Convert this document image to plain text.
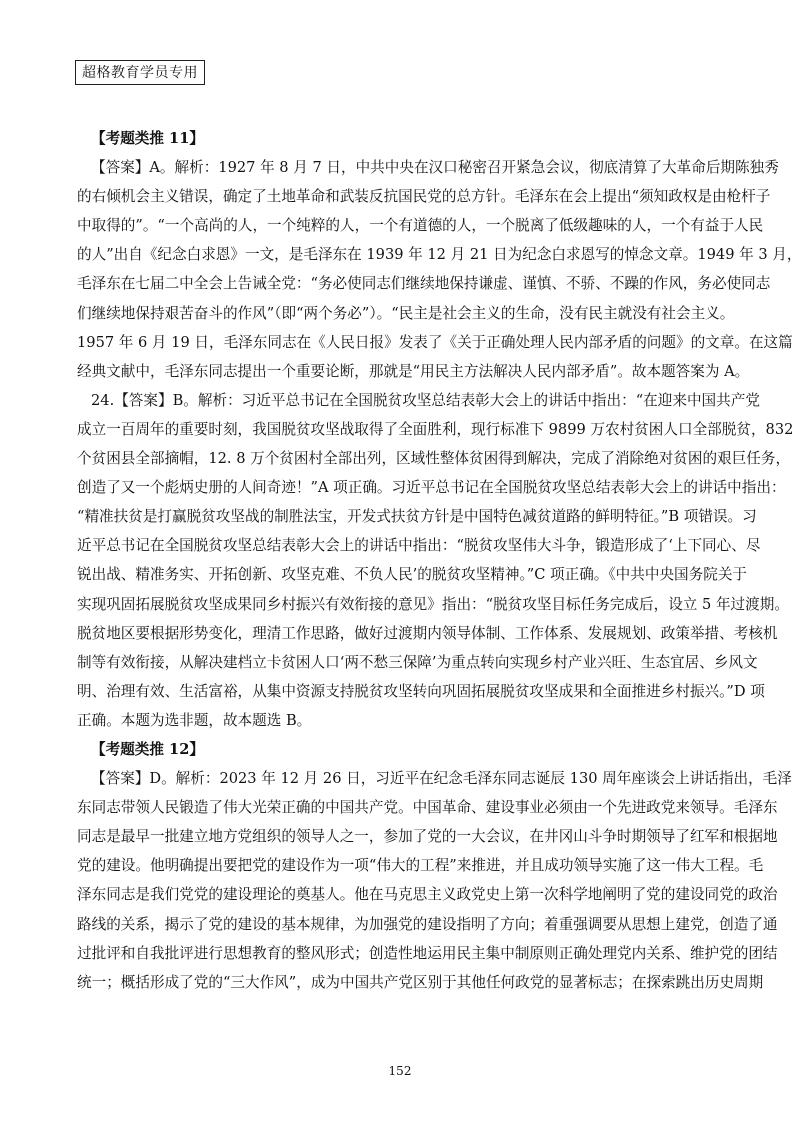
超格教育学员专用
【考题类推 11】
【答案】A。解析：1927 年 8 月 7 日，中共中央在汉口秘密召开紧急会议，彻底清算了大革命后期陈独秀
的右倾机会主义错误，确定了土地革命和武装反抗国民党的总方针。毛泽东在会上提出“须知政权是由枪杆子
中取得的”。“一个高尚的人，一个纯粹的人，一个有道德的人，一个脱离了低级趣味的人，一个有益于人民
的人”出自《纪念白求恩》一文，是毛泽东在 1939 年 12 月 21 日为纪念白求恩写的悼念文章。1949 年 3 月，
毛泽东在七届二中全会上告诫全党：“务必使同志们继续地保持谦虚、谨慎、不骄、不躁的作风，务必使同志
们继续地保持艰苦奋斗的作风”（即“两个务必”）。“民主是社会主义的生命，没有民主就没有社会主义。
1957 年 6 月 19 日，毛泽东同志在《人民日报》发表了《关于正确处理人民内部矛盾的问题》的文章。在这篇
经典文献中，毛泽东同志提出一个重要论断，那就是“用民主方法解决人民内部矛盾”。故本题答案为 A。
24.【答案】B。解析：习近平总书记在全国脱贫攻坚总结表彰大会上的讲话中指出：“在迎来中国共产党
成立一百周年的重要时刻，我国脱贫攻坚战取得了全面胜利，现行标准下 9899 万农村贫困人口全部脱贫，832
个贫困县全部摘帽，12. 8 万个贫困村全部出列，区域性整体贫困得到解决，完成了消除绝对贫困的艰巨任务，
创造了又一个彪炳史册的人间奇迹！”A 项正确。习近平总书记在全国脱贫攻坚总结表彰大会上的讲话中指出：
“精准扶贫是打赢脱贫攻坚战的制胜法宝，开发式扶贫方针是中国特色减贫道路的鲜明特征。”B 项错误。习
近平总书记在全国脱贫攻坚总结表彰大会上的讲话中指出：“脱贫攻坚伟大斗争，锻造形成了‘上下同心、尽
锐出战、精准务实、开拓创新、攻坚克难、不负人民’的脱贫攻坚精神。”C 项正确。《中共中央国务院关于
实现巩固拓展脱贫攻坚成果同乡村振兴有效衔接的意见》指出：“脱贫攻坚目标任务完成后，设立 5 年过渡期。
脱贫地区要根据形势变化，理清工作思路，做好过渡期内领导体制、工作体系、发展规划、政策举措、考核机
制等有效衔接，从解决建档立卡贫困人口‘两不愁三保障’为重点转向实现乡村产业兴旺、生态宜居、乡风文
明、治理有效、生活富裕，从集中资源支持脱贫攻坚转向巩固拓展脱贫攻坚成果和全面推进乡村振兴。”D 项
正确。本题为选非题，故本题选 B。
【考题类推 12】
【答案】D。解析：2023 年 12 月 26 日，习近平在纪念毛泽东同志诞辰 130 周年座谈会上讲话指出，毛泽
东同志带领人民锻造了伟大光荣正确的中国共产党。中国革命、建设事业必须由一个先进政党来领导。毛泽东
同志是最早一批建立地方党组织的领导人之一，参加了党的一大会议，在井冈山斗争时期领导了红军和根据地
党的建设。他明确提出要把党的建设作为一项“伟大的工程”来推进，并且成功领导实施了这一伟大工程。毛
泽东同志是我们党党的建设理论的奠基人。他在马克思主义政党史上第一次科学地阐明了党的建设同党的政治
路线的关系，揭示了党的建设的基本规律，为加强党的建设指明了方向；着重强调要从思想上建党，创造了通
过批评和自我批评进行思想教育的整风形式；创造性地运用民主集中制原则正确处理党内关系、维护党的团结
统一；概括形成了党的“三大作风”，成为中国共产党区别于其他任何政党的显著标志；在探索跳出历史周期
152
